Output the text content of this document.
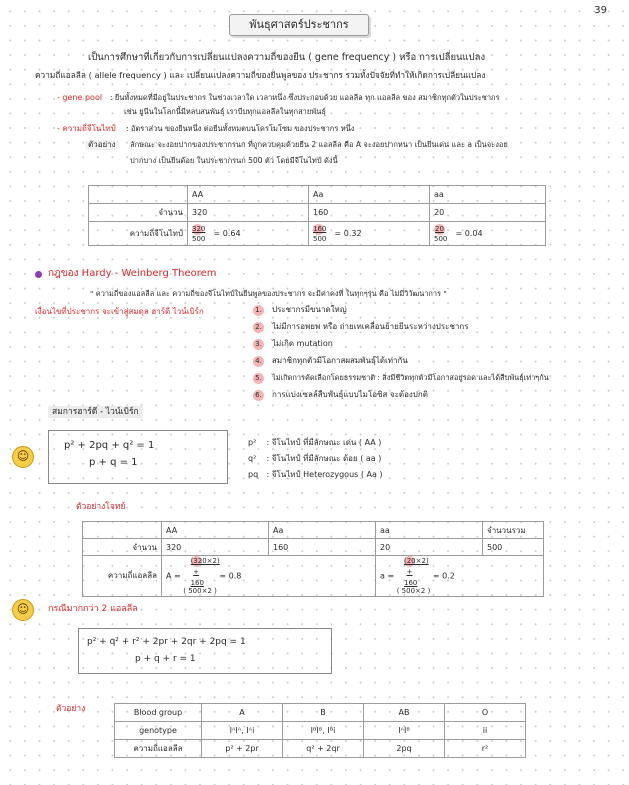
39
พันธุศาสตร์ประชากร
เป็นการศึกษาที่เกี่ยวกับการเปลี่ยนแปลงความถี่ของยีน ( gene frequency ) หรือ การเปลี่ยนแปลง
ความถี่แอลลีล ( allele frequency ) และ เปลี่ยนแปลงความถี่ของยีนพูลของ ประชากร รวมทั้งปัจจัยที่ทำให้เกิดการเปลี่ยนแปลง
- gene pool : ยีนทั้งหมดที่มีอยู่ในประชากร ในช่วงเวลาใด เวลาหนึ่ง ซึ่งประกอบด้วย แอลลีล ทุก แอลลีล ของ สมาชิกทุกตัวในประชากร
เช่น ยูนีนในโลกนี้มีหลบสนพันธุ์ เราบีบทุกแอลลีลในทุกสายพันธุ์
- ความถี่จีโนไทป์ : อัตราส่วน ของยีนหนึ่ง ต่อยีนทั้งหมดบนโครโมโซม ของประชากร หนึ่ง
ตัวอย่าง	ลักษณะ จะงอยปากของประชากรนก ที่ถูกควบคุมด้วยยีน 2 แอลลีล คือ A จะงอยปากหนา เป็นยีนเด่น และ a เป็นจะงอย
ปากบาง เป็นยีนด้อย ในประชากรนก 500 ตัว โดยมีจีโนไทป์ ดังนี้
	AA	Aa	aa
จำนวน	320	160	20
ความถี่จีโนไทป์	$\frac{320}{500} = 0.64$	$\frac{160}{500} = 0.32$	$\frac{20}{500} = 0.04$
กฎของ Hardy - Weinberg Theorem
" ความถี่ของแอลลีล และ ความถี่ของจีโนไทป์ในยีนพูลของประชากร จะมีค่าคงที่ ในทุกๆรุ่น คือ ไม่มีวิวัฒนาการ "
เงื่อนไขที่ประชากร จะเข้าสู่สมดุล ฮาร์ดี ไวน์เบิร์ก	1. ประชากรมีขนาดใหญ่
2. ไม่มีการอพยพ หรือ ถ่ายเทเคลื่อนย้ายยีนระหว่างประชากร
3. ไม่เกิด mutation
4. สมาชิกทุกตัวมีโอกาสผสมพันธุ์ได้เท่ากัน
5. ไม่เกิดการคัดเลือกโดยธรรมชาติ : สิ่งมีชีวิตทุกตัวมีโอกาสอยู่รอด และได้สืบพันธุ์เท่าๆกัน
6. การแบ่งเซลล์สืบพันธุ์แบบไมโอซิส จะต้องปกติ
สมการฮาร์ดี - ไวน์เบิร์ก
☺
p² + 2pq + q² = 1
p + q = 1
p² : จีโนไทป์ ที่มีลักษณะ เด่น ( AA )
q² : จีโนไทป์ ที่มีลักษณะ ด้อย ( aa )
pq : จีโนไทป์ Heterozygous ( Aa )
ตัวอย่างโจทย์
	AA	Aa	aa	จำนวนรวม
จำนวน	320	160	20	500
ความถี่แอลลีล	$A = \frac{(320\times 2) + 160}{( 500\times 2 )} = 0.8$		$a = \frac{(20\times 2) + 160}{( 500\times 2 )} = 0.2$	
☺	กรณีมากกว่า 2 แอลลีล
p² + q² + r² + 2pr + 2qr + 2pq = 1
p + q + r = 1
ตัวอย่าง	Blood group	A	B	AB	O
genotype	IᴬIᴬ, Iᴬi	IᴮIᴮ, Iᴮi	IᴬIᴮ	ii
ความถี่แอลลีล	p² + 2pr	q² + 2qr	2pq	r²
